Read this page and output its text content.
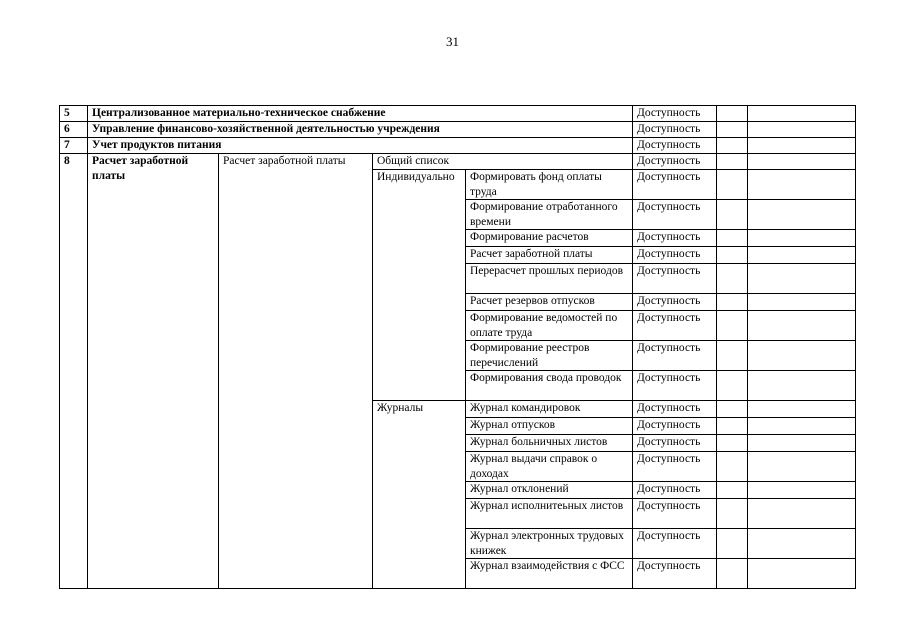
31
5	Централизованное материально-техническое снабжение				Доступность		
6	Управление финансово-хозяйственной деятельностью учреждения				Доступность		
7	Учет продуктов питания				Доступность		
8	Расчет заработной платы	Расчет заработной платы	Общий список		Доступность		
			Индивидуально	Формировать фонд оплаты труда	Доступность		
				Формирование отработанного времени	Доступность		
				Формирование расчетов	Доступность		
				Расчет заработной платы	Доступность		
				Перерасчет прошлых периодов	Доступность		
				Расчет резервов отпусков	Доступность		
				Формирование ведомостей по оплате труда	Доступность		
				Формирование реестров перечислений	Доступность		
				Формирования свода проводок	Доступность		
			Журналы	Журнал командировок	Доступность		
				Журнал отпусков	Доступность		
				Журнал больничных листов	Доступность		
				Журнал выдачи справок о доходах	Доступность		
				Журнал отклонений	Доступность		
				Журнал исполнитеьных листов	Доступность		
				Журнал электронных трудовых книжек	Доступность		
				Журнал взаимодействия с ФСС	Доступность		
